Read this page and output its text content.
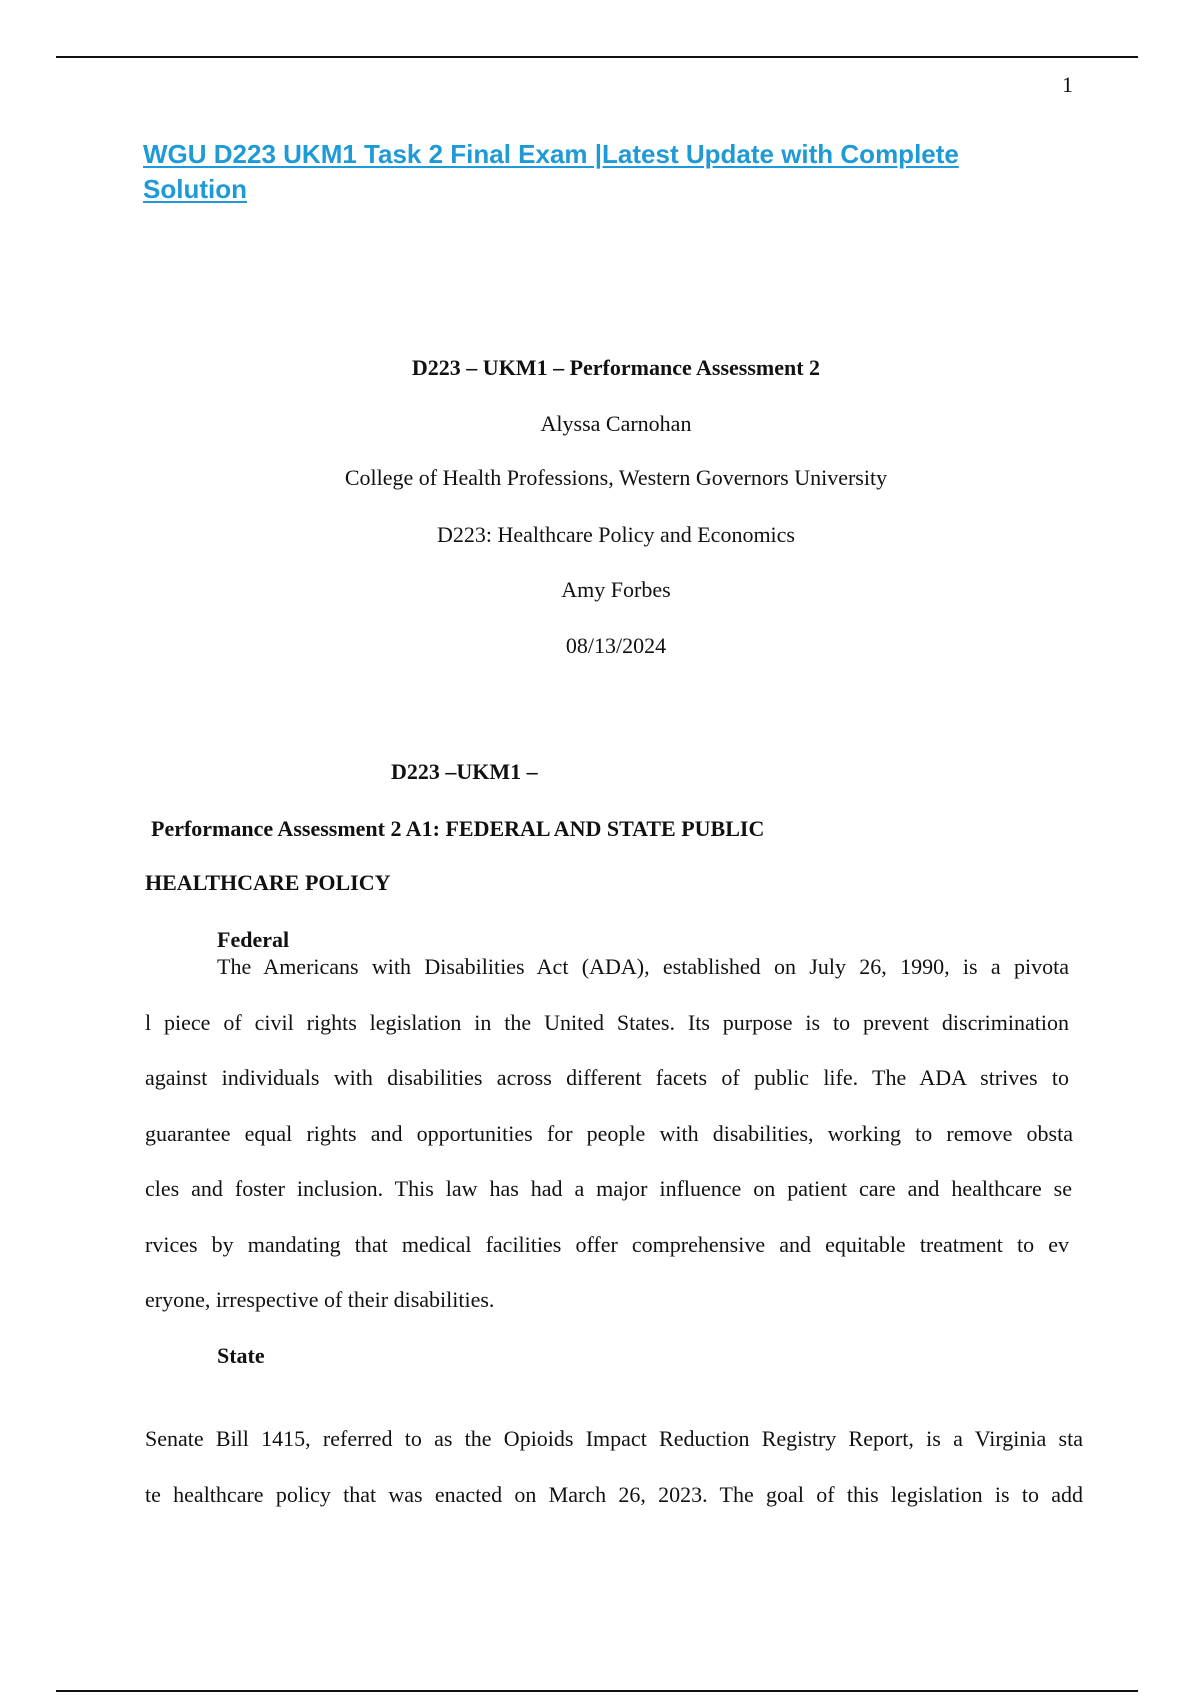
1
WGU D223 UKM1 Task 2 Final Exam |Latest Update with Complete
Solution
D223 – UKM1 – Performance Assessment 2
Alyssa Carnohan
College of Health Professions, Western Governors University
D223: Healthcare Policy and Economics
Amy Forbes
08/13/2024
D223 –UKM1 –
Performance Assessment 2 A1: FEDERAL AND STATE PUBLIC
HEALTHCARE POLICY
Federal
The Americans with Disabilities Act (ADA), established on July 26, 1990, is a pivota
l piece of civil rights legislation in the United States. Its purpose is to prevent discrimination
against individuals with disabilities across different facets of public life. The ADA strives to
guarantee equal rights and opportunities for people with disabilities, working to remove obsta
cles and foster inclusion. This law has had a major influence on patient care and healthcare se
rvices by mandating that medical facilities offer comprehensive and equitable treatment to ev
eryone, irrespective of their disabilities.
State
Senate Bill 1415, referred to as the Opioids Impact Reduction Registry Report, is a Virginia sta
te healthcare policy that was enacted on March 26, 2023. The goal of this legislation is to add
